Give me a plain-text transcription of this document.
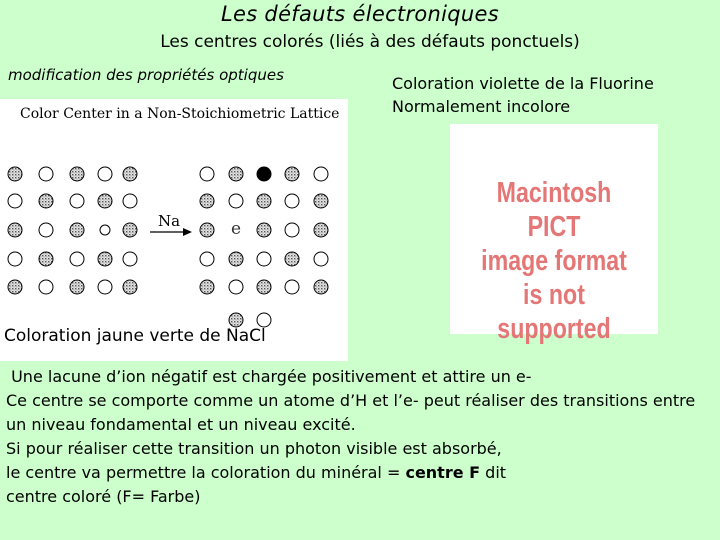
Les défauts électroniques
Les centres colorés (liés à des défauts ponctuels)
modification des propriétés optiques	Coloration violette de la Fluorine
Normalement incolore
Na	e
Color Center in a Non-Stoichiometric Lattice
Coloration jaune verte de NaCl
Macintosh PICT
image format
is not supported
Une lacune d’ion négatif est chargée positivement et attire un e-
Ce centre se comporte comme un atome d’H et l’e- peut réaliser des transitions entre un niveau fondamental et un niveau excité.
Si pour réaliser cette transition un photon visible est absorbé,
le centre va permettre la coloration du minéral = centre F dit
centre coloré (F= Farbe)
